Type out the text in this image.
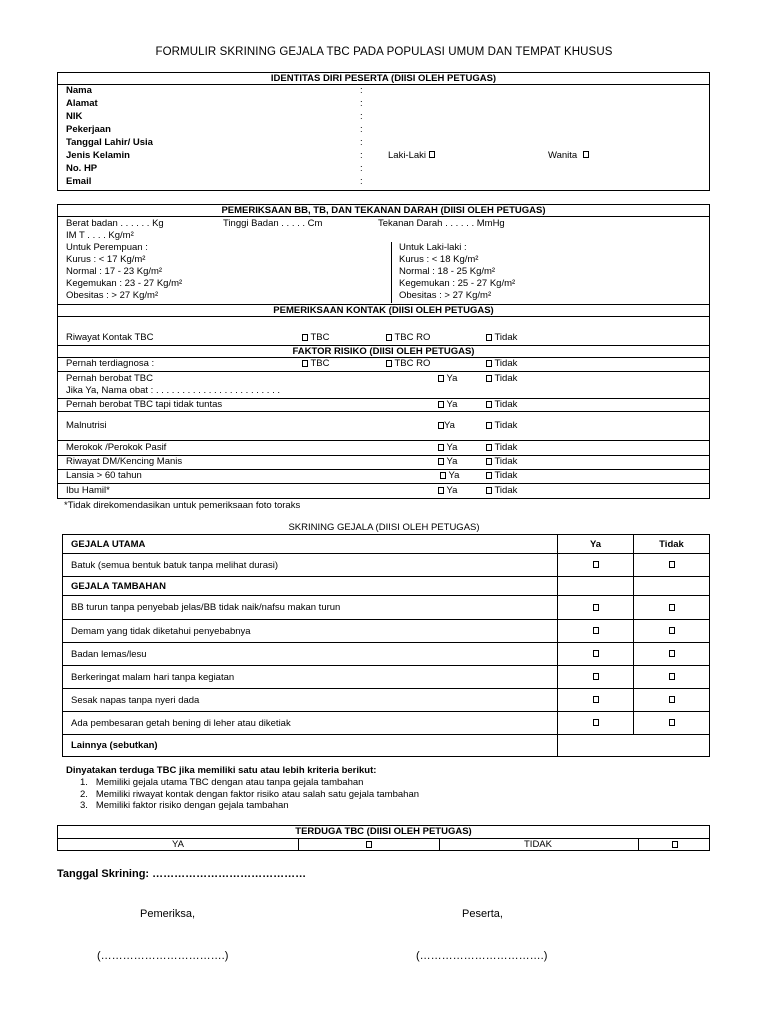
FORMULIR SKRINING GEJALA TBC PADA POPULASI UMUM DAN TEMPAT KHUSUS
IDENTITAS DIRI PESERTA (DIISI OLEH PETUGAS)
Nama	:
Alamat	:
NIK	:
Pekerjaan	:
Tanggal Lahir/ Usia	:
Jenis Kelamin	:	Laki-Laki	Wanita
No. HP	:
Email	:
PEMERIKSAAN BB, TB, DAN TEKANAN DARAH (DIISI OLEH PETUGAS)
Berat badan . . . . . . Kg	Tinggi Badan . . . . . Cm	Tekanan Darah . . . . . . MmHg
IM T . . . . Kg/m²
Untuk Perempuan :
Kurus : < 17 Kg/m²
Normal : 17 - 23 Kg/m²
Kegemukan : 23 - 27 Kg/m²
Obesitas : > 27 Kg/m²
Untuk Laki-laki :
Kurus : < 18 Kg/m²
Normal : 18 - 25 Kg/m²
Kegemukan : 25 - 27 Kg/m²
Obesitas : > 27 Kg/m²
PEMERIKSAAN KONTAK (DIISI OLEH PETUGAS)
Riwayat Kontak TBC	TBC	TBC RO	Tidak
FAKTOR RISIKO (DIISI OLEH PETUGAS)
Pernah terdiagnosa :	TBC	TBC RO	Tidak
Pernah berobat TBC
Jika Ya, Nama obat : . . . . . . . . . . . . . . . . . . . . . . . .
Ya	Tidak
Pernah berobat TBC tapi tidak tuntas	Ya	Tidak
Malnutrisi	Ya	Tidak
Merokok /Perokok Pasif	Ya	Tidak
Riwayat DM/Kencing Manis	Ya	Tidak
Lansia > 60 tahun	Ya	Tidak
Ibu Hamil*	Ya	Tidak
*Tidak direkomendasikan untuk pemeriksaan foto toraks
SKRINING GEJALA (DIISI OLEH PETUGAS)
GEJALA UTAMA	Ya	Tidak
Batuk (semua bentuk batuk tanpa melihat durasi)		
GEJALA TAMBAHAN		
BB turun tanpa penyebab jelas/BB tidak naik/nafsu makan turun		
Demam yang tidak diketahui penyebabnya		
Badan lemas/lesu		
Berkeringat malam hari tanpa kegiatan		
Sesak napas tanpa nyeri dada		
Ada pembesaran getah bening di leher atau diketiak		
Lainnya (sebutkan)		
Dinyatakan terduga TBC jika memiliki satu atau lebih kriteria berikut:
1.   Memiliki gejala utama TBC dengan atau tanpa gejala tambahan
2.   Memiliki riwayat kontak dengan faktor risiko atau salah satu gejala tambahan
3.   Memiliki faktor risiko dengan gejala tambahan
TERDUGA TBC (DIISI OLEH PETUGAS)
YA	TIDAK
Tanggal Skrining: ……………………………………
Pemeriksa,	Peserta,
(…………………………….)	(…………………………….)
